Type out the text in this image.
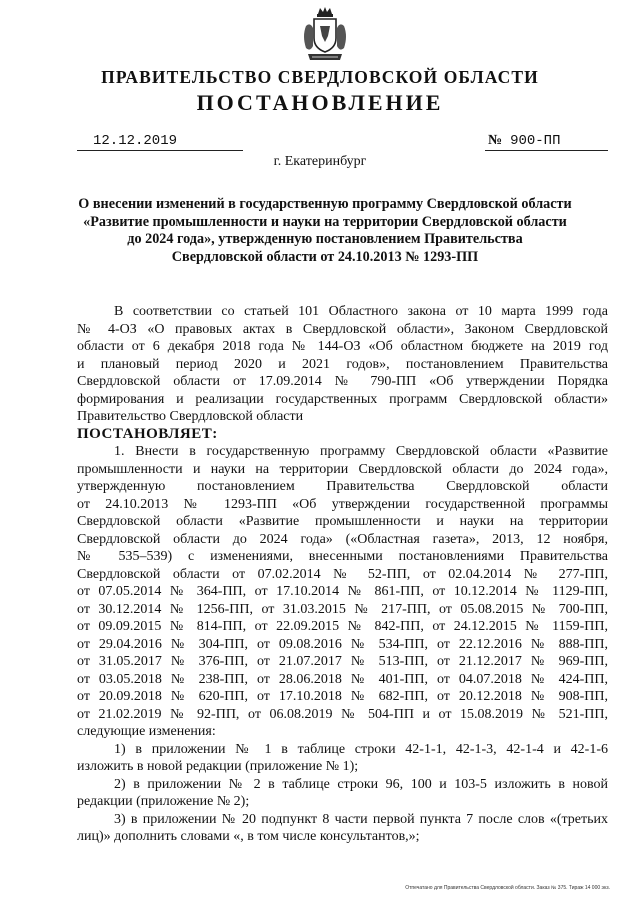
ПРАВИТЕЛЬСТВО СВЕРДЛОВСКОЙ ОБЛАСТИ
ПОСТАНОВЛЕНИЕ
12.12.2019	№ 900-ПП
г. Екатеринбург
О внесении изменений в государственную программу Свердловской области
«Развитие промышленности и науки на территории Свердловской области
до 2024 года», утвержденную постановлением Правительства
Свердловской области от 24.10.2013 № 1293-ПП
В соответствии со статьей 101 Областного закона от 10 марта 1999 года
№ 4-ОЗ «О правовых актах в Свердловской области», Законом Свердловской
области от 6 декабря 2018 года № 144-ОЗ «Об областном бюджете на 2019 год
и плановый период 2020 и 2021 годов», постановлением Правительства
Свердловской области от 17.09.2014 № 790-ПП «Об утверждении Порядка
формирования и реализации государственных программ Свердловской области»
Правительство Свердловской области
ПОСТАНОВЛЯЕТ:
1. Внести в государственную программу Свердловской области «Развитие
промышленности и науки на территории Свердловской области до 2024 года»,
утвержденную постановлением Правительства Свердловской области
от 24.10.2013 № 1293-ПП «Об утверждении государственной программы
Свердловской области «Развитие промышленности и науки на территории
Свердловской области до 2024 года» («Областная газета», 2013, 12 ноября,
№ 535–539) с изменениями, внесенными постановлениями Правительства
Свердловской области от 07.02.2014 № 52-ПП, от 02.04.2014 № 277-ПП,
от 07.05.2014 № 364-ПП, от 17.10.2014 № 861-ПП, от 10.12.2014 № 1129-ПП,
от 30.12.2014 № 1256-ПП, от 31.03.2015 № 217-ПП, от 05.08.2015 № 700-ПП,
от 09.09.2015 № 814-ПП, от 22.09.2015 № 842-ПП, от 24.12.2015 № 1159-ПП,
от 29.04.2016 № 304-ПП, от 09.08.2016 № 534-ПП, от 22.12.2016 № 888-ПП,
от 31.05.2017 № 376-ПП, от 21.07.2017 № 513-ПП, от 21.12.2017 № 969-ПП,
от 03.05.2018 № 238-ПП, от 28.06.2018 № 401-ПП, от 04.07.2018 № 424-ПП,
от 20.09.2018 № 620-ПП, от 17.10.2018 № 682-ПП, от 20.12.2018 № 908-ПП,
от 21.02.2019 № 92-ПП, от 06.08.2019 № 504-ПП и от 15.08.2019 № 521-ПП,
следующие изменения:
1) в приложении № 1 в таблице строки 42-1-1, 42-1-3, 42-1-4 и 42-1-6
изложить в новой редакции (приложение № 1);
2) в приложении № 2 в таблице строки 96, 100 и 103-5 изложить в новой
редакции (приложение № 2);
3) в приложении № 20 подпункт 8 части первой пункта 7 после слов «(третьих
лиц)» дополнить словами «, в том числе консультантов,»;
Отпечатано для Правительства Свердловской области. Заказ № 375. Тираж 14 000 экз.
